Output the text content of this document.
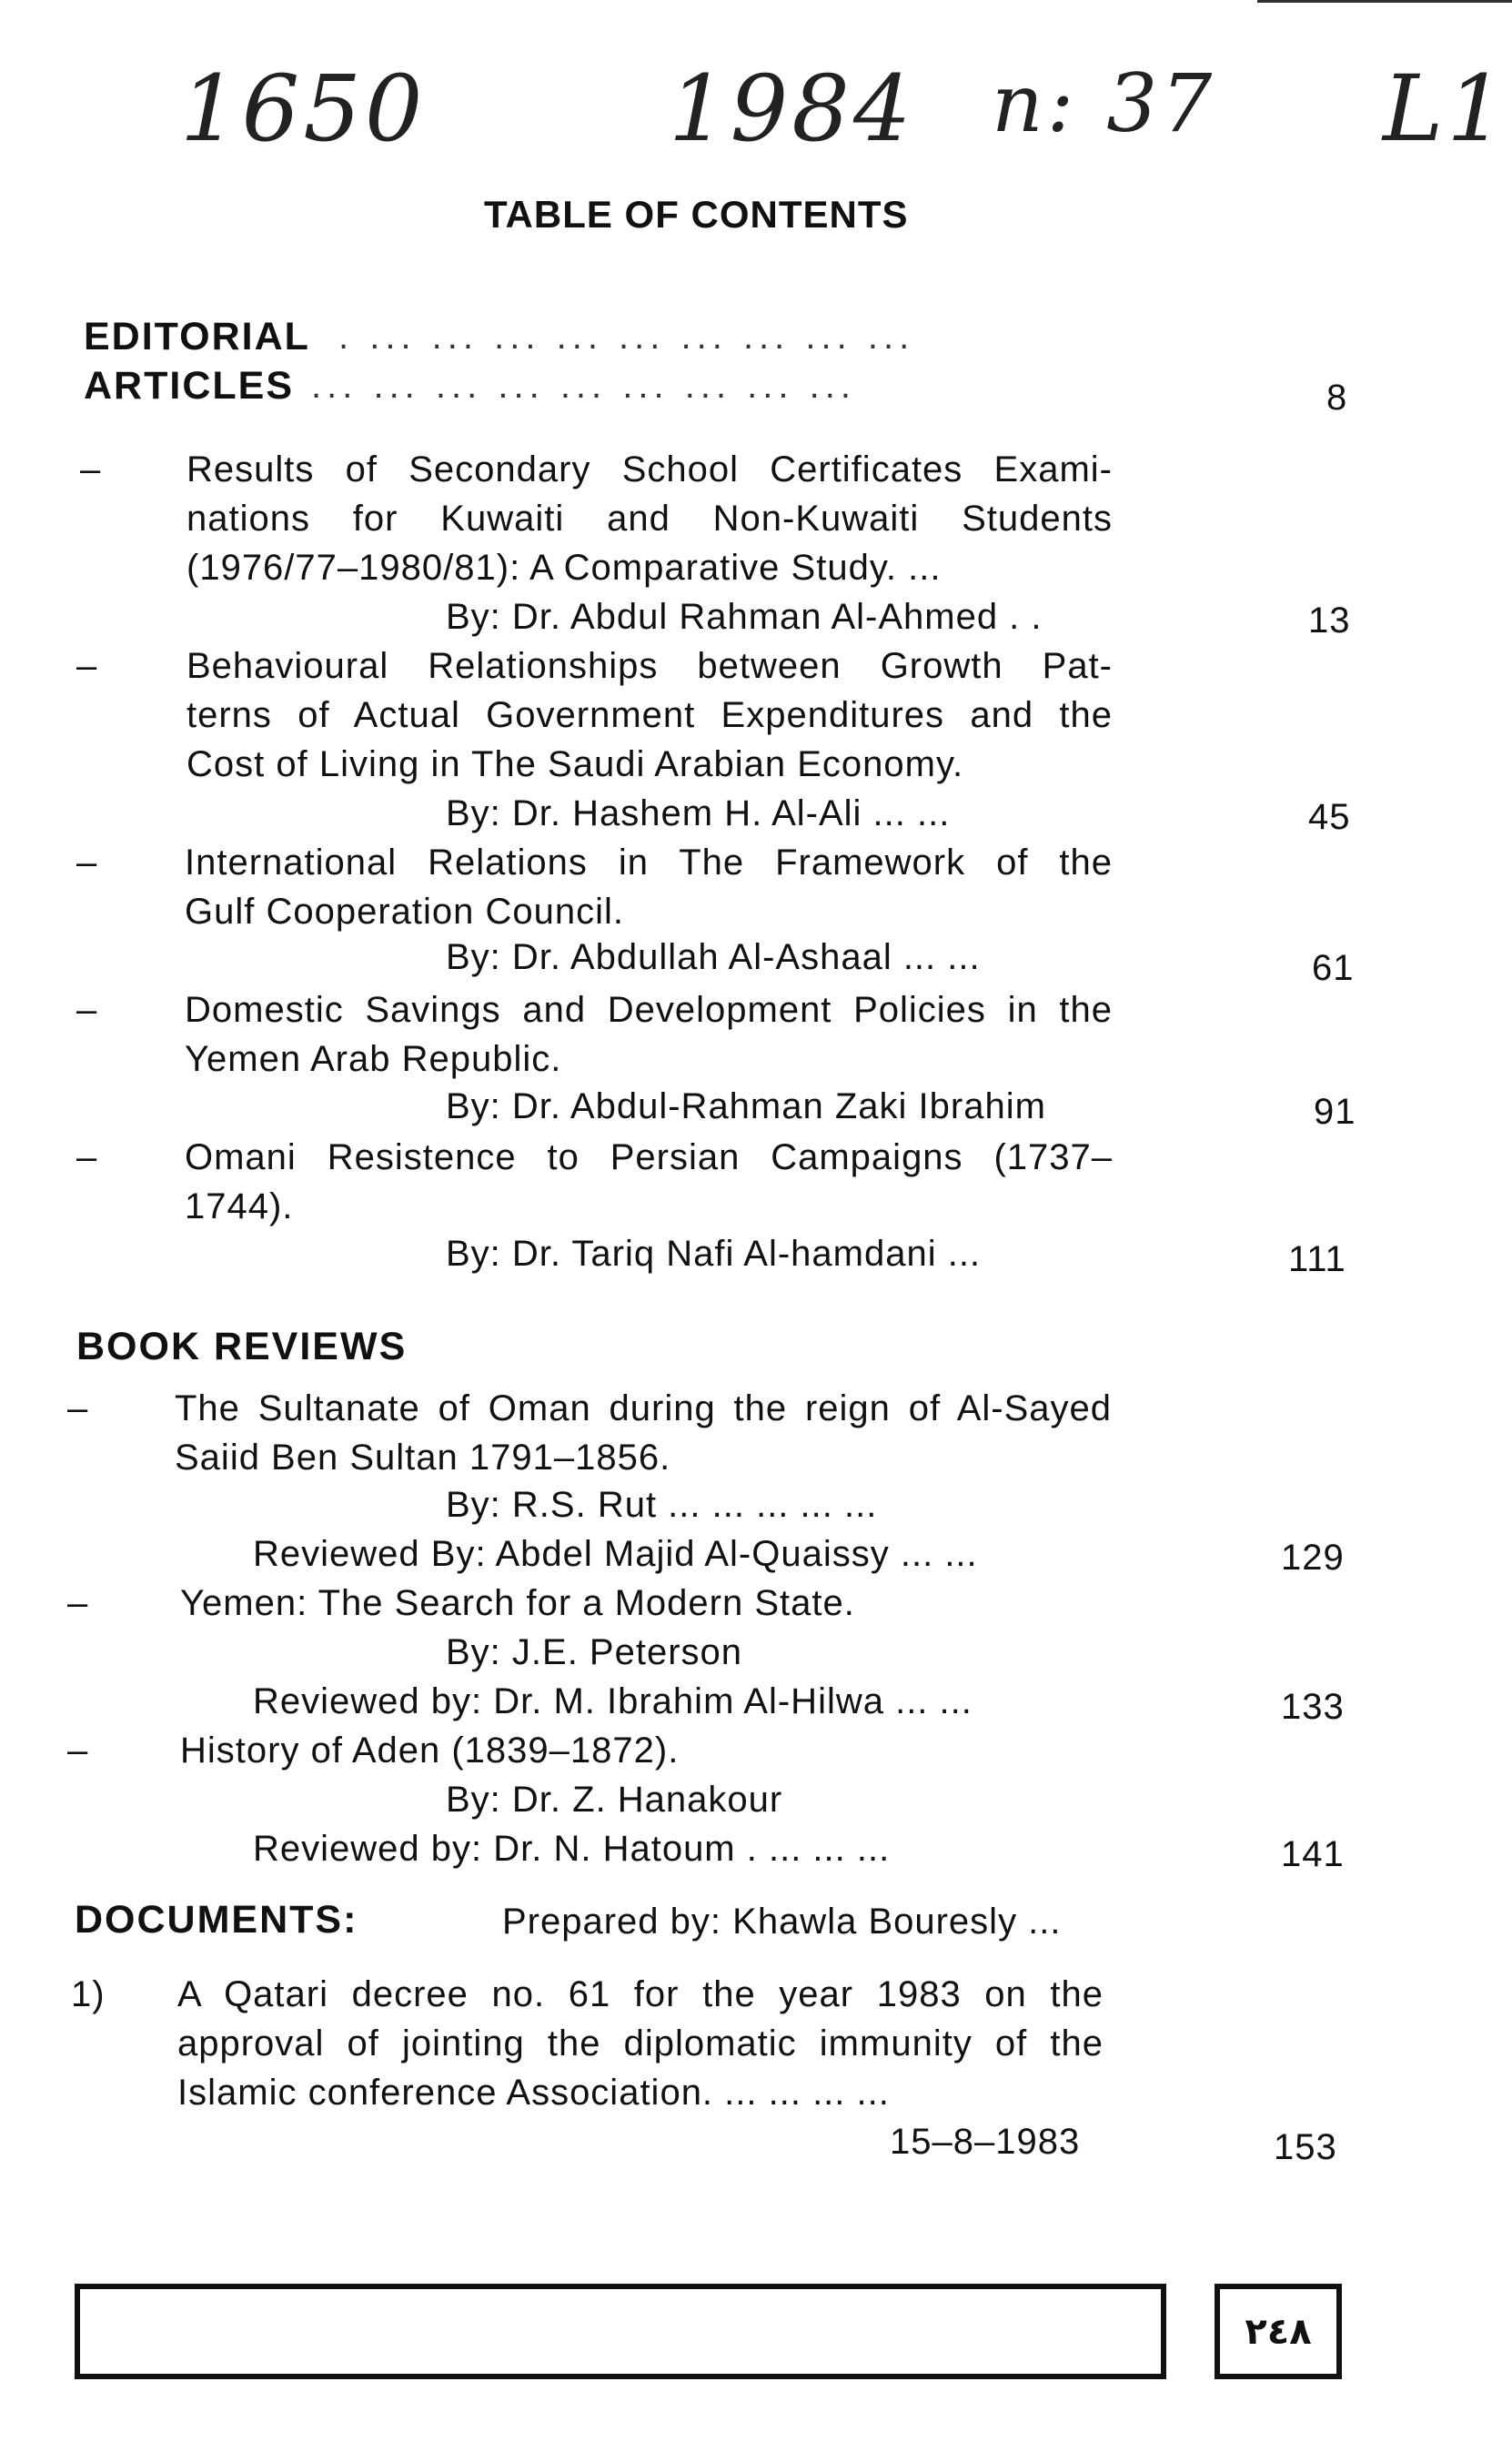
1650	1984 n: 37 L1
TABLE OF CONTENTS
EDITORIAL . ... ... ... ... ... ... ... ... ...
ARTICLES ... ... ... ... ... ... ... ... ...	8
– Results of Secondary School Certificates Exami-
nations for Kuwaiti and Non-Kuwaiti Students
(1976/77–1980/81): A Comparative Study. ...
By: Dr. Abdul Rahman Al-Ahmed . .	13
– Behavioural Relationships between Growth Pat-
terns of Actual Government Expenditures and the
Cost of Living in The Saudi Arabian Economy.
By: Dr. Hashem H. Al-Ali ... ...	45
– International Relations in The Framework of the
Gulf Cooperation Council.
By: Dr. Abdullah Al-Ashaal ... ...	61
– Domestic Savings and Development Policies in the
Yemen Arab Republic.
By: Dr. Abdul-Rahman Zaki Ibrahim	91
– Omani Resistence to Persian Campaigns (1737–
1744).
By: Dr. Tariq Nafi Al-hamdani ...	111
BOOK REVIEWS
– The Sultanate of Oman during the reign of Al-Sayed
Saiid Ben Sultan 1791–1856.
By: R.S. Rut ... ... ... ... ...
Reviewed By: Abdel Majid Al-Quaissy ... ...	129
–	Yemen: The Search for a Modern State.
By: J.E. Peterson
Reviewed by: Dr. M. Ibrahim Al-Hilwa ... ...	133
–	History of Aden (1839–1872).
By: Dr. Z. Hanakour
Reviewed by: Dr. N. Hatoum . ... ... ...	141
DOCUMENTS:	Prepared by: Khawla Bouresly ...
1) A Qatari decree no. 61 for the year 1983 on the
approval of jointing the diplomatic immunity of the
Islamic conference Association. ... ... ... ...
15–8–1983	153
٢٤٨
